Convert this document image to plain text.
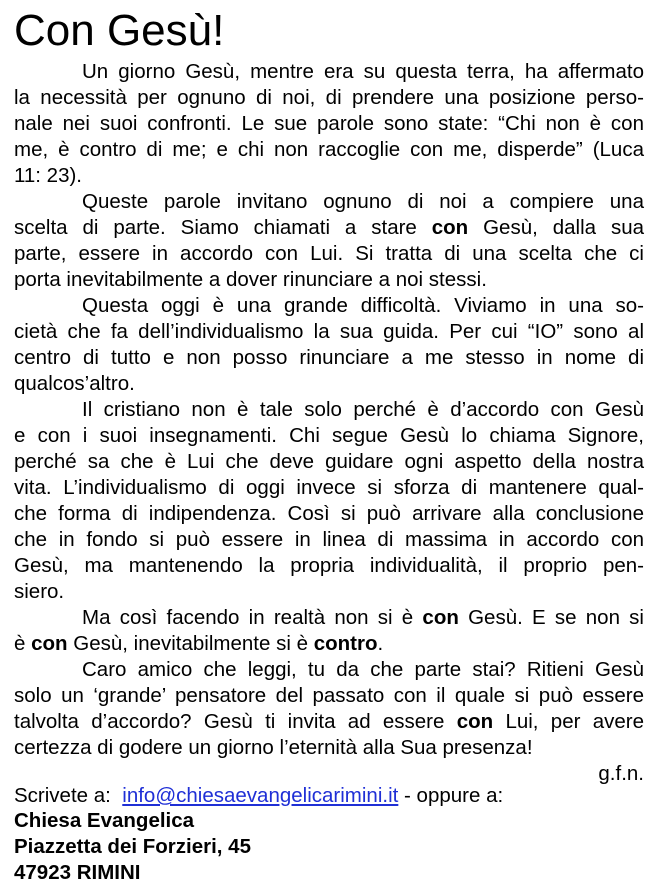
Con Gesù!
Un giorno Gesù, mentre era su questa terra, ha affermato
la necessità per ognuno di noi, di prendere una posizione perso-
nale nei suoi confronti. Le sue parole sono state: “Chi non è con
me, è contro di me; e chi non raccoglie con me, disperde” (Luca
11: 23).
Queste parole invitano ognuno di noi a compiere una
scelta di parte. Siamo chiamati a stare con Gesù, dalla sua
parte, essere in accordo con Lui. Si tratta di una scelta che ci
porta inevitabilmente a dover rinunciare a noi stessi.
Questa oggi è una grande difficoltà. Viviamo in una so-
cietà che fa dell’individualismo la sua guida. Per cui “IO” sono al
centro di tutto e non posso rinunciare a me stesso in nome di
qualcos’altro.
Il cristiano non è tale solo perché è d’accordo con Gesù
e con i suoi insegnamenti. Chi segue Gesù lo chiama Signore,
perché sa che è Lui che deve guidare ogni aspetto della nostra
vita. L’individualismo di oggi invece si sforza di mantenere qual-
che forma di indipendenza. Così si può arrivare alla conclusione
che in fondo si può essere in linea di massima in accordo con
Gesù, ma mantenendo la propria individualità, il proprio pen-
siero.
Ma così facendo in realtà non si è con Gesù. E se non si
è con Gesù, inevitabilmente si è contro.
Caro amico che leggi, tu da che parte stai? Ritieni Gesù
solo un ‘grande’ pensatore del passato con il quale si può essere
talvolta d’accordo? Gesù ti invita ad essere con Lui, per avere
certezza di godere un giorno l’eternità alla Sua presenza!
g.f.n.
Scrivete a: info@chiesaevangelicarimini.it - oppure a:
Chiesa Evangelica
Piazzetta dei Forzieri, 45
47923 RIMINI
